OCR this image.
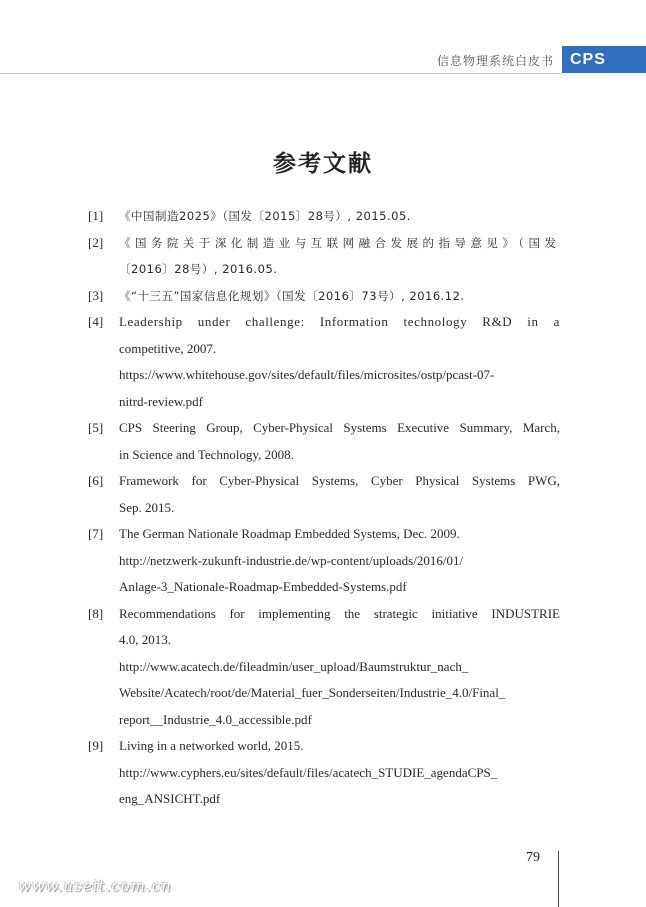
信息物理系统白皮书	CPS
参考文献
[1] 《中国制造2025》（国发〔2015〕28号）, 2015.05.
[2] 《国务院关于深化制造业与互联网融合发展的指导意见》（国发
〔2016〕28号）, 2016.05.
[3] 《“十三五”国家信息化规划》（国发〔2016〕73号）, 2016.12.
[4] Leadership under challenge: Information technology R&D in a
competitive, 2007.
https://www.whitehouse.gov/sites/default/files/microsites/ostp/pcast-07-
nitrd-review.pdf
[5] CPS Steering Group, Cyber-Physical Systems Executive Summary, March,
in Science and Technology, 2008.
[6] Framework for Cyber-Physical Systems, Cyber Physical Systems PWG,
Sep. 2015.
[7] The German Nationale Roadmap Embedded Systems, Dec. 2009.
http://netzwerk-zukunft-industrie.de/wp-content/uploads/2016/01/
Anlage-3_Nationale-Roadmap-Embedded-Systems.pdf
[8] Recommendations for implementing the strategic initiative INDUSTRIE
4.0, 2013.
http://www.acatech.de/fileadmin/user_upload/Baumstruktur_nach_
Website/Acatech/root/de/Material_fuer_Sonderseiten/Industrie_4.0/Final_
report__Industrie_4.0_accessible.pdf
[9] Living in a networked world, 2015.
http://www.cyphers.eu/sites/default/files/acatech_STUDIE_agendaCPS_
eng_ANSICHT.pdf
79
www.useit.com.cn
